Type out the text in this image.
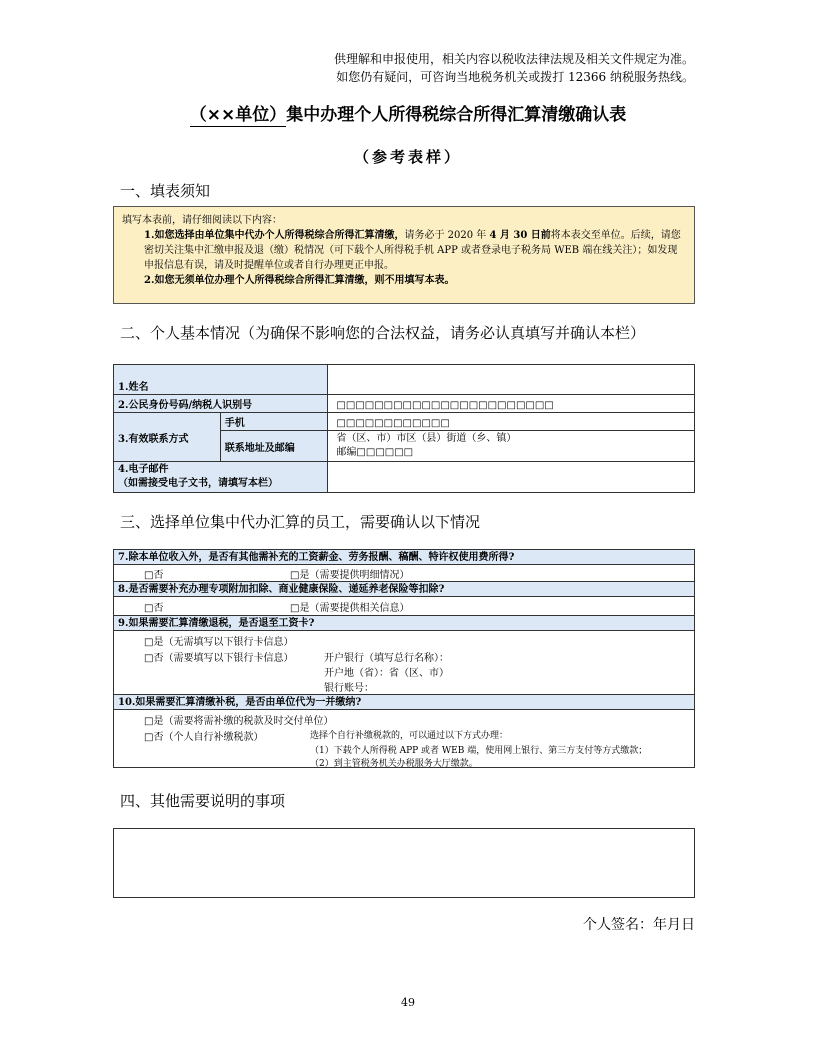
供理解和申报使用，相关内容以税收法律法规及相关文件规定为准。
如您仍有疑问，可咨询当地税务机关或拨打 12366 纳税服务热线。
（××单位）集中办理个人所得税综合所得汇算清缴确认表
（参考表样）
一、填表须知

填写本表前，请仔细阅读以下内容：

1.如您选择由单位集中代办个人所得税综合所得汇算清缴，请务必于 2020 年 4 月 30 日前将本表交至单位。后续，请您密切关注集中汇缴申报及退（缴）税情况（可下载个人所得税手机 APP 或者登录电子税务局 WEB 端在线关注）；如发现申报信息有误，请及时提醒单位或者自行办理更正申报。

2.如您无须单位办理个人所得税综合所得汇算清缴，则不用填写本表。

二、个人基本情况（为确保不影响您的合法权益，请务必认真填写并确认本栏）
1.姓名		
2.公民身份号码/纳税人识别号		□□□□□□□□□□□□□□□□□□□□□□□
3.有效联系方式	手机	□□□□□□□□□□□□
	联系地址及邮编	省（区、市）市区（县）街道（乡、镇）
邮编□□□□□□

4.电子邮件
（如需接受电子文书，请填写本栏）		

三、选择单位集中代办汇算的员工，需要确认以下情况
7.除本单位收入外，是否有其他需补充的工资薪金、劳务报酬、稿酬、特许权使用费所得?
□否	□是（需要提供明细情况）
8.是否需要补充办理专项附加扣除、商业健康保险、递延养老保险等扣除?
□否	□是（需要提供相关信息）
9.如果需要汇算清缴退税，是否退至工资卡?
□是（无需填写以下银行卡信息）
□否（需要填写以下银行卡信息）	开户银行（填写总行名称）：
开户地（省）：省（区、市）
银行账号：
10.如果需要汇算清缴补税，是否由单位代为一并缴纳?
□是（需要将需补缴的税款及时交付单位）
□否（个人自行补缴税款）	选择个自行补缴税款的，可以通过以下方式办理：
（1）下载个人所得税 APP 或者 WEB 端，使用网上银行、第三方支付等方式缴款；
（2）到主管税务机关办税服务大厅缴款。
四、其他需要说明的事项
个人签名：年月日
49
